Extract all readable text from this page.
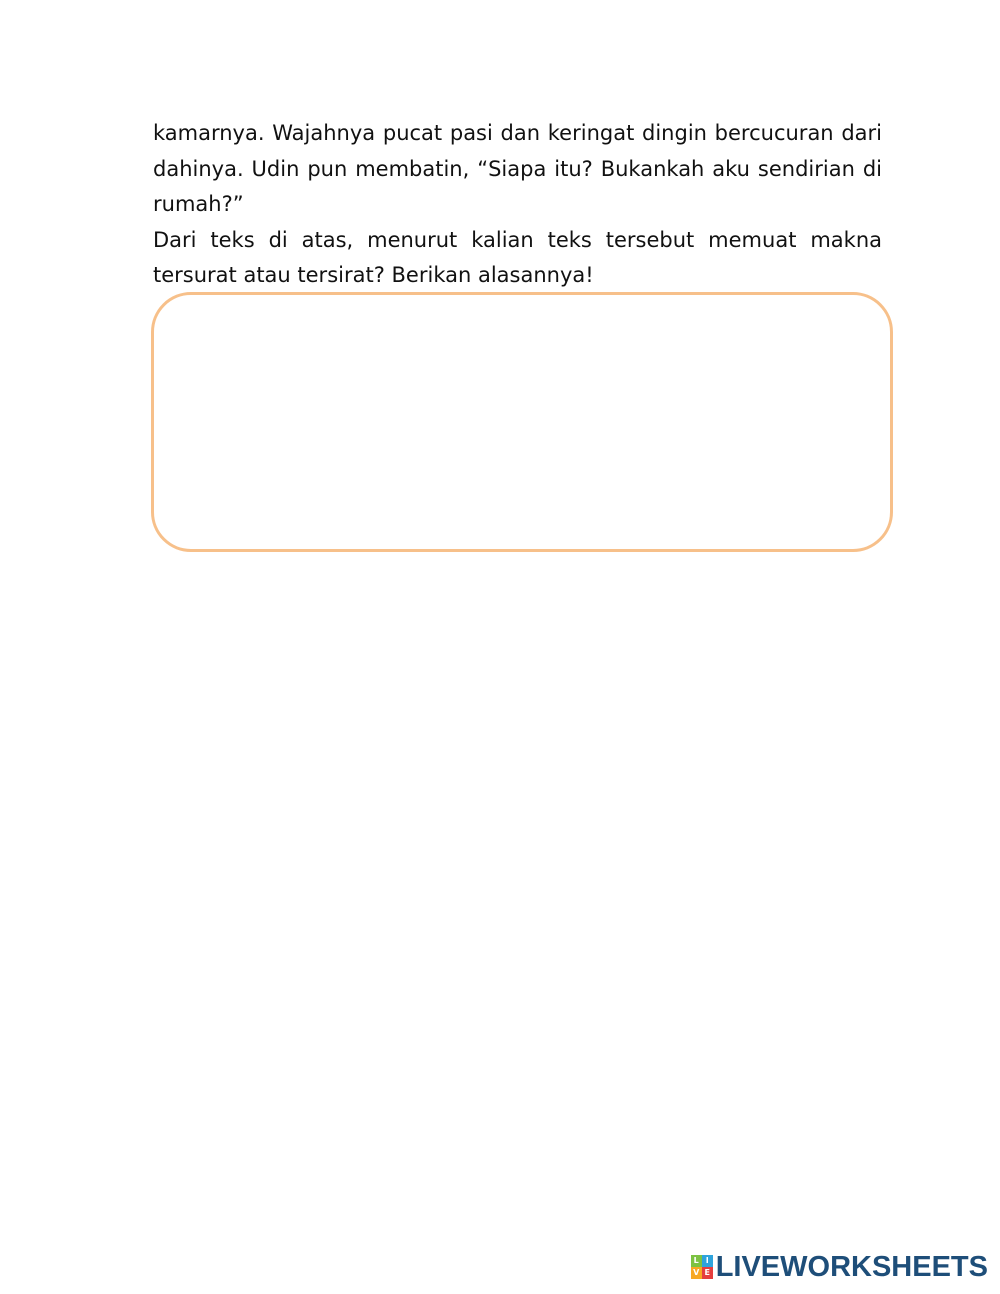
kamarnya. Wajahnya pucat pasi dan keringat dingin bercucuran dari dahinya. Udin pun membatin, “Siapa itu? Bukankah aku sendirian di rumah?”

Dari teks di atas, menurut kalian teks tersebut memuat makna tersurat atau tersirat? Berikan alasannya!

L I
V E LIVEWORKSHEETS
